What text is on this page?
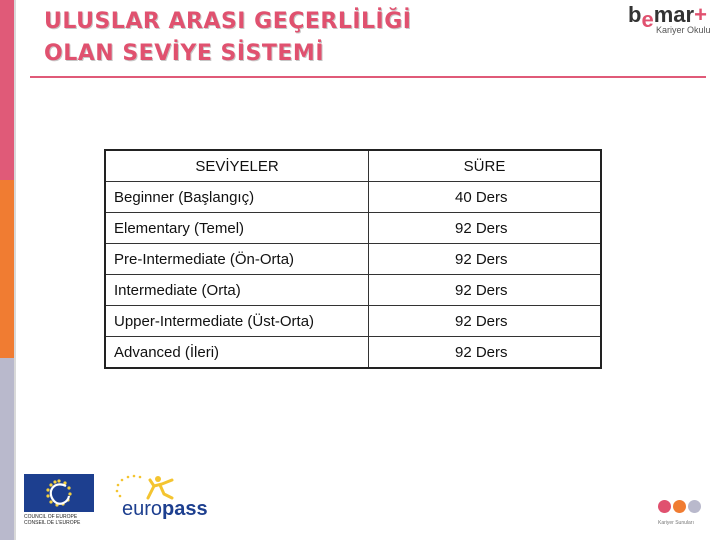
ULUSLAR ARASI GEÇERLİLİĞİ
OLAN SEVİYE SİSTEMİ
bemar+
Kariyer Okulu
SEVİYELER	SÜRE
Beginner (Başlangıç)	40 Ders
Elementary (Temel)	92 Ders
Pre-Intermediate (Ön-Orta)	92 Ders
Intermediate (Orta)	92 Ders
Upper-Intermediate (Üst-Orta)	92 Ders
Advanced (İleri)	92 Ders
COUNCIL OF EUROPE
CONSEIL DE L'EUROPE
europass
Kariyer Sunuları
